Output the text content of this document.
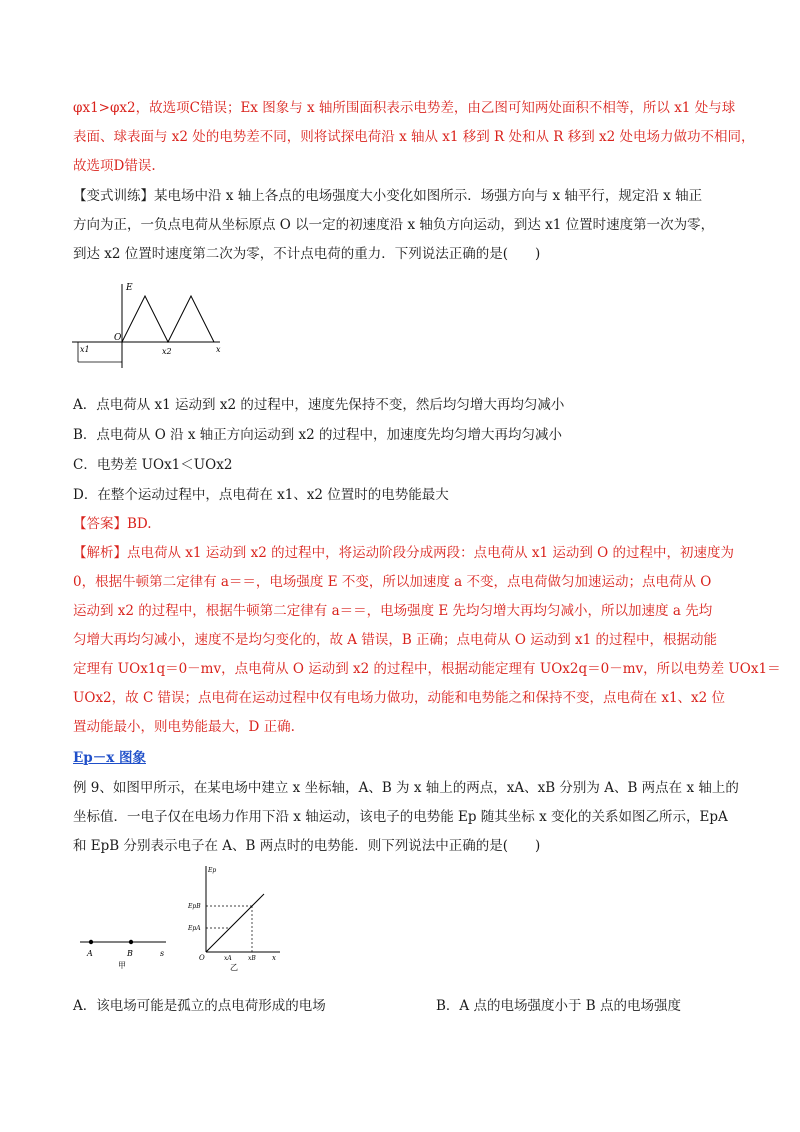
φx1>φx2，故选项C错误；Ex 图象与 x 轴所围面积表示电势差，由乙图可知两处面积不相等，所以 x1 处与球
表面、球表面与 x2 处的电势差不同，则将试探电荷沿 x 轴从 x1 移到 R 处和从 R 移到 x2 处电场力做功不相同，
故选项D错误.
【变式训练】某电场中沿 x 轴上各点的电场强度大小变化如图所示．场强方向与 x 轴平行，规定沿 x 轴正
方向为正，一负点电荷从坐标原点 O 以一定的初速度沿 x 轴负方向运动，到达 x1 位置时速度第一次为零，
到达 x2 位置时速度第二次为零，不计点电荷的重力．下列说法正确的是(　　)
E
O
x1	x2	x
A．点电荷从 x1 运动到 x2 的过程中，速度先保持不变，然后均匀增大再均匀减小
B．点电荷从 O 沿 x 轴正方向运动到 x2 的过程中，加速度先均匀增大再均匀减小
C．电势差 UOx1＜UOx2
D．在整个运动过程中，点电荷在 x1、x2 位置时的电势能最大
【答案】BD.
【解析】点电荷从 x1 运动到 x2 的过程中，将运动阶段分成两段：点电荷从 x1 运动到 O 的过程中，初速度为
0，根据牛顿第二定律有 a＝＝，电场强度 E 不变，所以加速度 a 不变，点电荷做匀加速运动；点电荷从 O
运动到 x2 的过程中，根据牛顿第二定律有 a＝＝，电场强度 E 先均匀增大再均匀减小，所以加速度 a 先均
匀增大再均匀减小，速度不是均匀变化的，故 A 错误，B 正确；点电荷从 O 运动到 x1 的过程中，根据动能
定理有 UOx1q＝0－mv，点电荷从 O 运动到 x2 的过程中，根据动能定理有 UOx2q＝0－mv，所以电势差 UOx1＝
UOx2，故 C 错误；点电荷在运动过程中仅有电场力做功，动能和电势能之和保持不变，点电荷在 x1、x2 位
置动能最小，则电势能最大，D 正确.
Ep－x 图象
例 9、如图甲所示，在某电场中建立 x 坐标轴，A、B 为 x 轴上的两点，xA、xB 分别为 A、B 两点在 x 轴上的
坐标值．一电子仅在电场力作用下沿 x 轴运动，该电子的电势能 Ep 随其坐标 x 变化的关系如图乙所示，EpA
和 EpB 分别表示电子在 A、B 两点时的电势能．则下列说法中正确的是(　　)
A	B	s
甲
Ep
EpB
EpA
O	xA	xB x
乙
A．该电场可能是孤立的点电荷形成的电场	B．A 点的电场强度小于 B 点的电场强度
